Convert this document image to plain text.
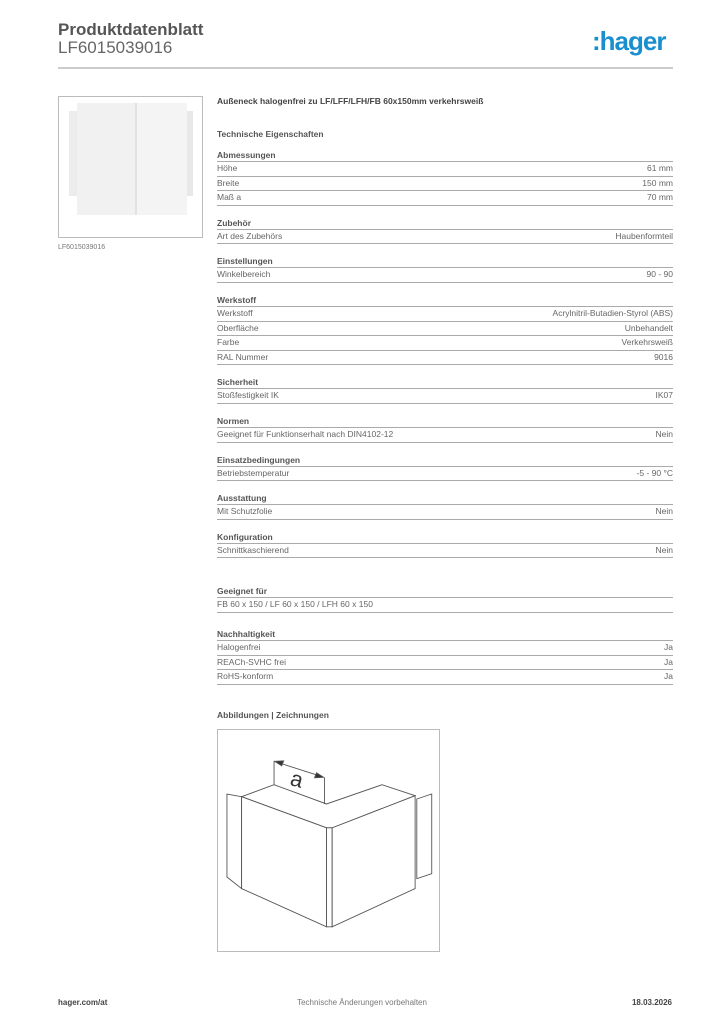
Produktdatenblatt
LF6015039016	:hager
LF6015039016
Außeneck halogenfrei zu LF/LFF/LFH/FB 60x150mm verkehrsweiß
Technische Eigenschaften
Abmessungen
Höhe	61 mm
Breite	150 mm
Maß a	70 mm
Zubehör
Art des Zubehörs	Haubenformteil
Einstellungen
Winkelbereich	90 - 90
Werkstoff
Werkstoff	Acrylnitril-Butadien-Styrol (ABS)
Oberfläche	Unbehandelt
Farbe	Verkehrsweiß
RAL Nummer	9016
Sicherheit
Stoßfestigkeit IK	IK07
Normen
Geeignet für Funktionserhalt nach DIN4102-12	Nein
Einsatzbedingungen
Betriebstemperatur	-5 - 90 °C
Ausstattung
Mit Schutzfolie	Nein
Konfiguration
Schnittkaschierend	Nein
Geeignet für
FB 60 x 150 / LF 60 x 150 / LFH 60 x 150
Nachhaltigkeit
Halogenfrei	Ja
REACh-SVHC frei	Ja
RoHS-konform	Ja
Abbildungen | Zeichnungen
a
hager.com/at	Technische Änderungen vorbehalten	18.03.2026
